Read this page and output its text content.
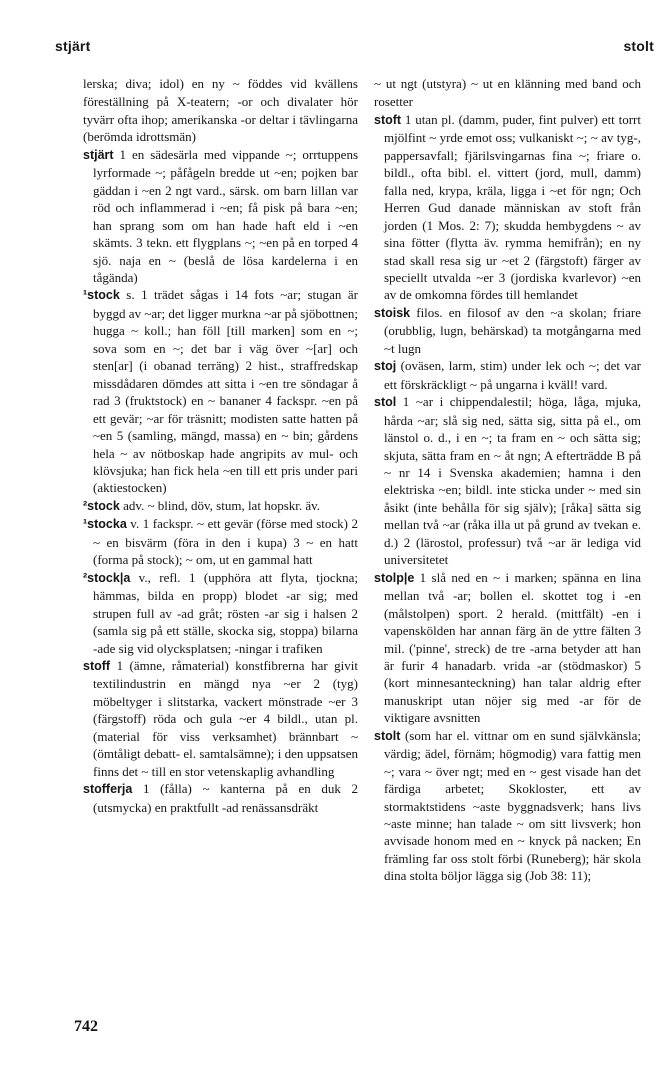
stjärt	stolt

lerska; diva; idol) en ny ~ föddes vid kvällens föreställning på X-teatern; -or och divalater hör tyvärr ofta ihop; amerikanska -or deltar i tävlingarna (berömda idrottsmän)

stjärt 1 en sädesärla med vippande ~; orrtuppens lyrformade ~; påfågeln bredde ut ~en; pojken bar gäddan i ~en 2 ngt vard., särsk. om barn lillan var röd och inflammerad i ~en; få pisk på bara ~en; han sprang som om han hade haft eld i ~en skämts. 3 tekn. ett flygplans ~; ~en på en torped 4 sjö. naja en ~ (beslå de lösa kardelerna i en tågända)

¹stock s. 1 trädet sågas i 14 fots ~ar; stugan är byggd av ~ar; det ligger murkna ~ar på sjöbottnen; hugga ~ koll.; han föll [till marken] som en ~; sova som en ~; det bar i väg över ~[ar] och sten[ar] (i obanad terräng) 2 hist., straffredskap missdådaren dömdes att sitta i ~en tre söndagar å rad 3 (fruktstock) en ~ bananer 4 fackspr. ~en på ett gevär; ~ar för träsnitt; modisten satte hatten på ~en 5 (samling, mängd, massa) en ~ bin; gårdens hela ~ av nötboskap hade angripits av mul- och klövsjuka; han fick hela ~en till ett pris under pari (aktiestocken)

²stock adv. ~ blind, döv, stum, lat hopskr. äv.

¹stocka v. 1 fackspr. ~ ett gevär (förse med stock) 2 ~ en bisvärm (föra in den i kupa) 3 ~ en hatt (forma på stock); ~ om, ut en gammal hatt

²stock|a v., refl. 1 (upphöra att flyta, tjockna; hämmas, bilda en propp) blodet -ar sig; med strupen full av -ad gråt; rösten -ar sig i halsen 2 (samla sig på ett ställe, skocka sig, stoppa) bilarna -ade sig vid olycksplatsen; -ningar i trafiken

stoff 1 (ämne, råmaterial) konstfibrerna har givit textilindustrin en mängd nya ~er 2 (tyg) möbeltyger i slitstarka, vackert mönstrade ~er 3 (färgstoff) röda och gula ~er 4 bildl., utan pl. (material för viss verksamhet) brännbart ~ (ömtåligt debatt- el. samtalsämne); i den uppsatsen finns det ~ till en stor vetenskaplig avhandling

stofferja 1 (fålla) ~ kanterna på en duk 2 (utsmycka) en praktfullt -ad renässansdräkt

~ ut ngt (utstyra) ~ ut en klänning med band och rosetter

stoft 1 utan pl. (damm, puder, fint pulver) ett torrt mjölfint ~ yrde emot oss; vulkaniskt ~; ~ av tyg-, pappersavfall; fjärilsvingarnas fina ~; friare o. bildl., ofta bibl. el. vittert (jord, mull, damm) falla ned, krypa, kräla, ligga i ~et för ngn; Och Herren Gud danade människan av stoft från jorden (1 Mos. 2: 7); skudda hembygdens ~ av sina fötter (flytta äv. rymma hemifrån); en ny stad skall resa sig ur ~et 2 (färgstoft) färger av speciellt utvalda ~er 3 (jordiska kvarlevor) ~en av de omkomna fördes till hemlandet

stoisk filos. en filosof av den ~a skolan; friare (orubblig, lugn, behärskad) ta motgångarna med ~t lugn

stoj (oväsen, larm, stim) under lek och ~; det var ett förskräckligt ~ på ungarna i kväll! vard.

stol 1 ~ar i chippendalestil; höga, låga, mjuka, hårda ~ar; slå sig ned, sätta sig, sitta på el., om länstol o. d., i en ~; ta fram en ~ och sätta sig; skjuta, sätta fram en ~ åt ngn; A efterträdde B på ~ nr 14 i Svenska akademien; hamna i den elektriska ~en; bildl. inte sticka under ~ med sin åsikt (inte behålla för sig själv); [råka] sätta sig mellan två ~ar (råka illa ut på grund av tvekan e. d.) 2 (lärostol, professur) två ~ar är lediga vid universitetet

stolp|e 1 slå ned en ~ i marken; spänna en lina mellan två -ar; bollen el. skottet tog i -en (målstolpen) sport. 2 herald. (mittfält) -en i vapenskölden har annan färg än de yttre fälten 3 mil. ('pinne', streck) de tre -arna betyder att han är furir 4 hanadarb. vrida -ar (stödmaskor) 5 (kort minnesanteckning) han talar aldrig efter manuskript utan nöjer sig med -ar för de viktigare avsnitten

stolt (som har el. vittnar om en sund självkänsla; värdig; ädel, förnäm; högmodig) vara fattig men ~; vara ~ över ngt; med en ~ gest visade han det färdiga arbetet; Skokloster, ett av stormaktstidens ~aste byggnadsverk; hans livs ~aste minne; han talade ~ om sitt livsverk; hon avvisade honom med en ~ knyck på nacken; En främling far oss stolt förbi (Runeberg); här skola dina stolta böljor lägga sig (Job 38: 11);

742
